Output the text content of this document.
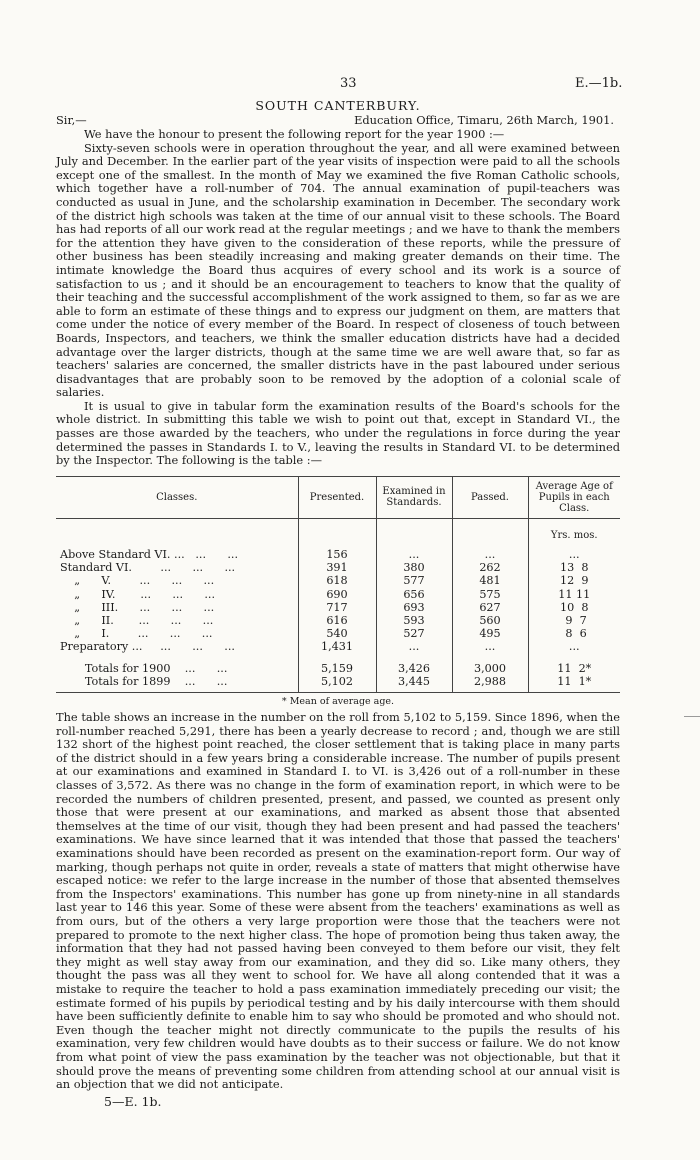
33	E.—1b.
SOUTH CANTERBURY.
Sir,—	Education Office, Timaru, 26th March, 1901.

We have the honour to present the following report for the year 1900 :—

Sixty-seven schools were in operation throughout the year, and all were examined between July and December. In the earlier part of the year visits of inspection were paid to all the schools except one of the smallest. In the month of May we examined the five Roman Catholic schools, which together have a roll-number of 704. The annual examination of pupil-teachers was conducted as usual in June, and the scholarship examination in December. The secondary work of the district high schools was taken at the time of our annual visit to these schools. The Board has had reports of all our work read at the regular meetings ; and we have to thank the members for the attention they have given to the consideration of these reports, while the pressure of other business has been steadily increasing and making greater demands on their time. The intimate knowledge the Board thus acquires of every school and its work is a source of satisfaction to us ; and it should be an encouragement to teachers to know that the quality of their teaching and the successful accomplishment of the work assigned to them, so far as we are able to form an estimate of these things and to express our judgment on them, are matters that come under the notice of every member of the Board. In respect of closeness of touch between Boards, Inspectors, and teachers, we think the smaller education districts have had a decided advantage over the larger districts, though at the same time we are well aware that, so far as teachers' salaries are concerned, the smaller districts have in the past laboured under serious disadvantages that are probably soon to be removed by the adoption of a colonial scale of salaries.

It is usual to give in tabular form the examination results of the Board's schools for the whole district. In submitting this table we wish to point out that, except in Standard VI., the passes are those awarded by the teachers, who under the regulations in force during the year determined the passes in Standards I. to V., leaving the results in Standard VI. to be determined by the Inspector. The following is the table :—

Classes.	Presented.	Examined in Standards.	Passed.	Average Age of Pupils in each Class.
				Yrs. mos.
Above Standard VI. ...   ...      ...	156	...	...	...
Standard VI.        ...      ...      ...	391	380	262	13  8
„      V.        ...      ...      ...	618	577	481	12  9
„      IV.       ...      ...      ...	690	656	575	11 11
„      III.      ...      ...      ...	717	693	627	10  8
„      II.       ...      ...      ...	616	593	560	9  7
„      I.        ...      ...      ...	540	527	495	8  6
Preparatory ...     ...      ...      ...	1,431	...	...	...
Totals for 1900    ...      ...	5,159	3,426	3,000	11  2*
Totals for 1899    ...      ...	5,102	3,445	2,988	11  1*
* Mean of average age.

The table shows an increase in the number on the roll from 5,102 to 5,159. Since 1896, when the roll-number reached 5,291, there has been a yearly decrease to record ; and, though we are still 132 short of the highest point reached, the closer settlement that is taking place in many parts of the district should in a few years bring a considerable increase. The number of pupils present at our examinations and examined in Standard I. to VI. is 3,426 out of a roll-number in these classes of 3,572. As there was no change in the form of examination report, in which were to be recorded the numbers of children presented, present, and passed, we counted as present only those that were present at our examinations, and marked as absent those that absented themselves at the time of our visit, though they had been present and had passed the teachers' examinations. We have since learned that it was intended that those that passed the teachers' examinations should have been recorded as present on the examination-report form. Our way of marking, though perhaps not quite in order, reveals a state of matters that might otherwise have escaped notice: we refer to the large increase in the number of those that absented themselves from the Inspectors' examinations. This number has gone up from ninety-nine in all standards last year to 146 this year. Some of these were absent from the teachers' examinations as well as from ours, but of the others a very large proportion were those that the teachers were not prepared to promote to the next higher class. The hope of promotion being thus taken away, the information that they had not passed having been conveyed to them before our visit, they felt they might as well stay away from our examination, and they did so. Like many others, they thought the pass was all they went to school for. We have all along contended that it was a mistake to require the teacher to hold a pass examination immediately preceding our visit; the estimate formed of his pupils by periodical testing and by his daily intercourse with them should have been sufficiently definite to enable him to say who should be promoted and who should not. Even though the teacher might not directly communicate to the pupils the results of his examination, very few children would have doubts as to their success or failure. We do not know from what point of view the pass examination by the teacher was not objectionable, but that it should prove the means of preventing some children from attending school at our annual visit is an objection that we did not anticipate.

5—E. 1b.
